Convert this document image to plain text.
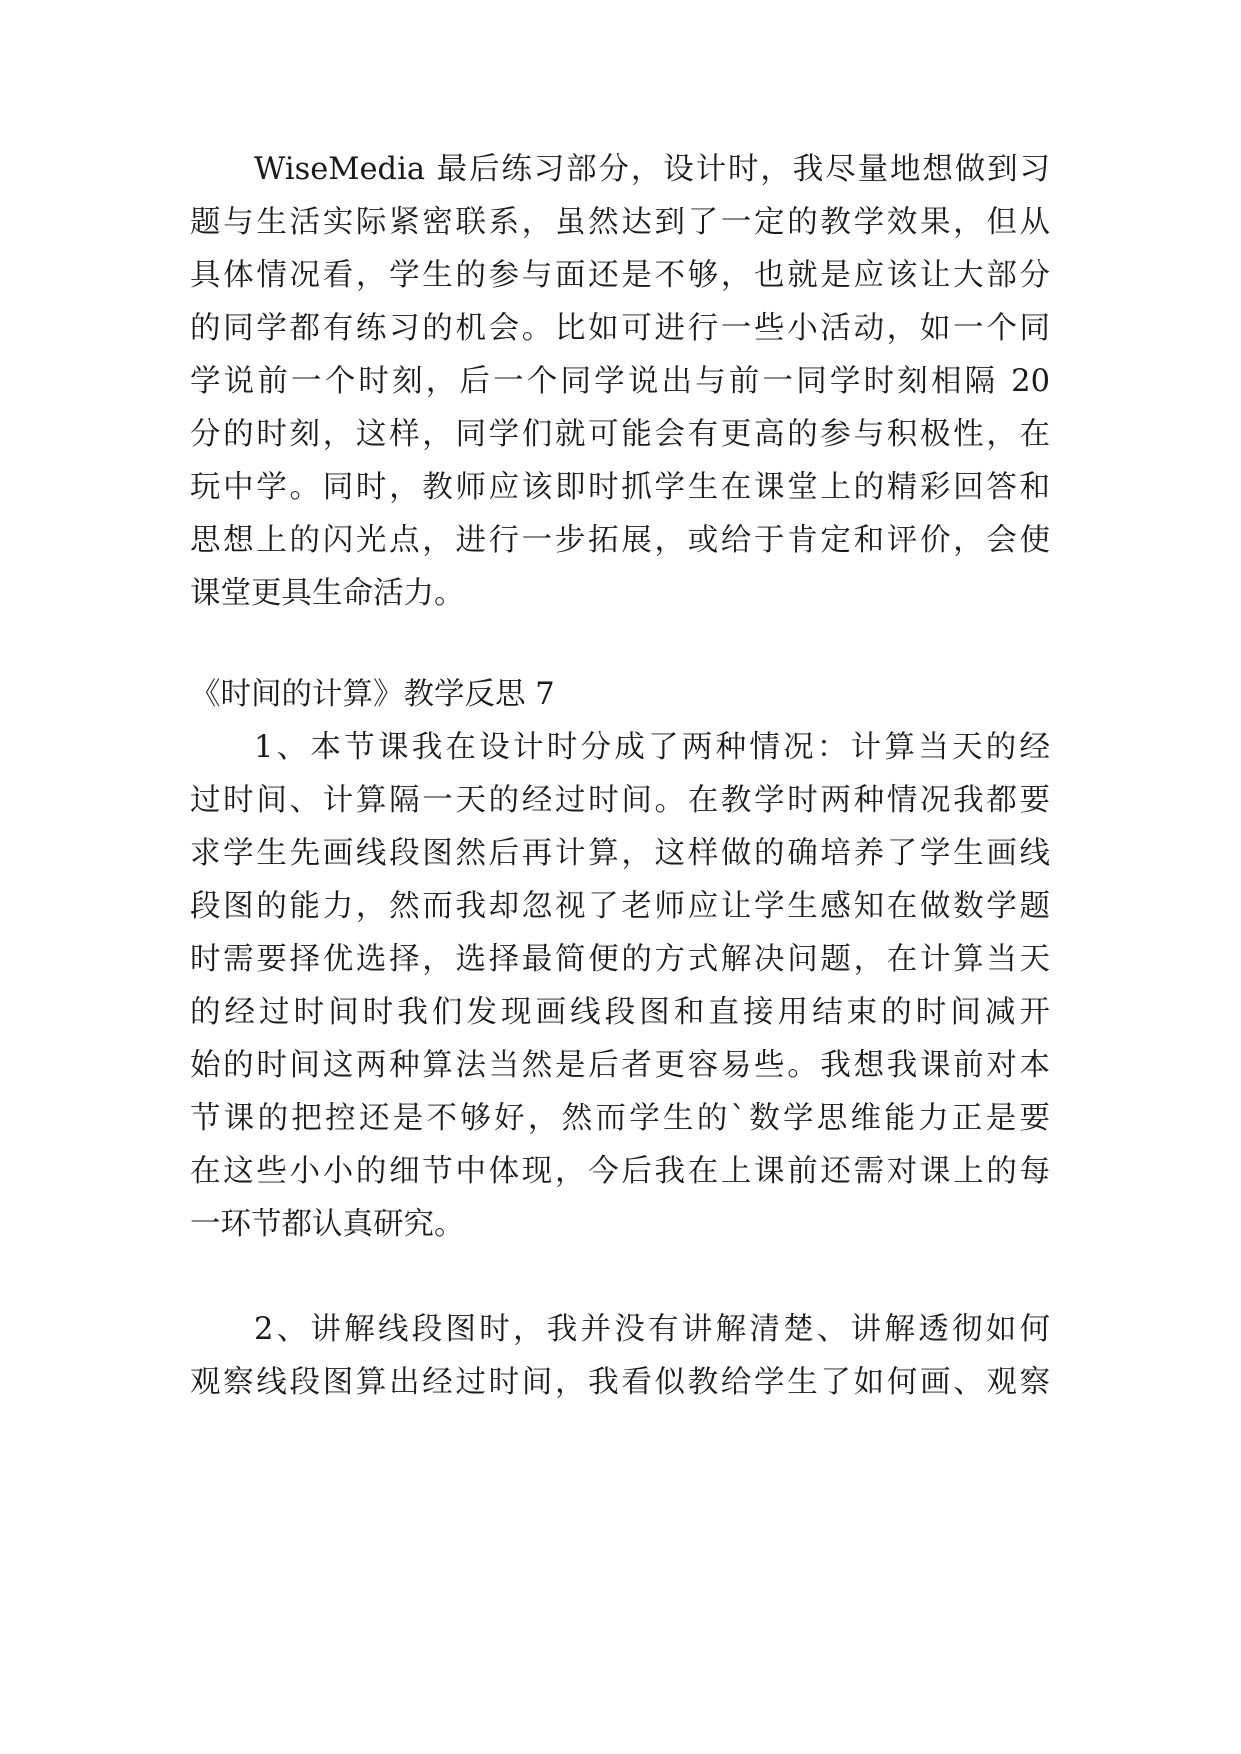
WiseMedia 最后练习部分，设计时，我尽量地想做到习
题与生活实际紧密联系，虽然达到了一定的教学效果，但从
具体情况看，学生的参与面还是不够，也就是应该让大部分
的同学都有练习的机会。比如可进行一些小活动，如一个同
学说前一个时刻，后一个同学说出与前一同学时刻相隔 20
分的时刻，这样，同学们就可能会有更高的参与积极性，在
玩中学。同时，教师应该即时抓学生在课堂上的精彩回答和
思想上的闪光点，进行一步拓展，或给于肯定和评价，会使
课堂更具生命活力。
《时间的计算》教学反思 7
1、本节课我在设计时分成了两种情况：计算当天的经
过时间、计算隔一天的经过时间。在教学时两种情况我都要
求学生先画线段图然后再计算，这样做的确培养了学生画线
段图的能力，然而我却忽视了老师应让学生感知在做数学题
时需要择优选择，选择最简便的方式解决问题，在计算当天
的经过时间时我们发现画线段图和直接用结束的时间减开
始的时间这两种算法当然是后者更容易些。我想我课前对本
节课的把控还是不够好，然而学生的`数学思维能力正是要
在这些小小的细节中体现，今后我在上课前还需对课上的每
一环节都认真研究。
2、讲解线段图时，我并没有讲解清楚、讲解透彻如何
观察线段图算出经过时间，我看似教给学生了如何画、观察
